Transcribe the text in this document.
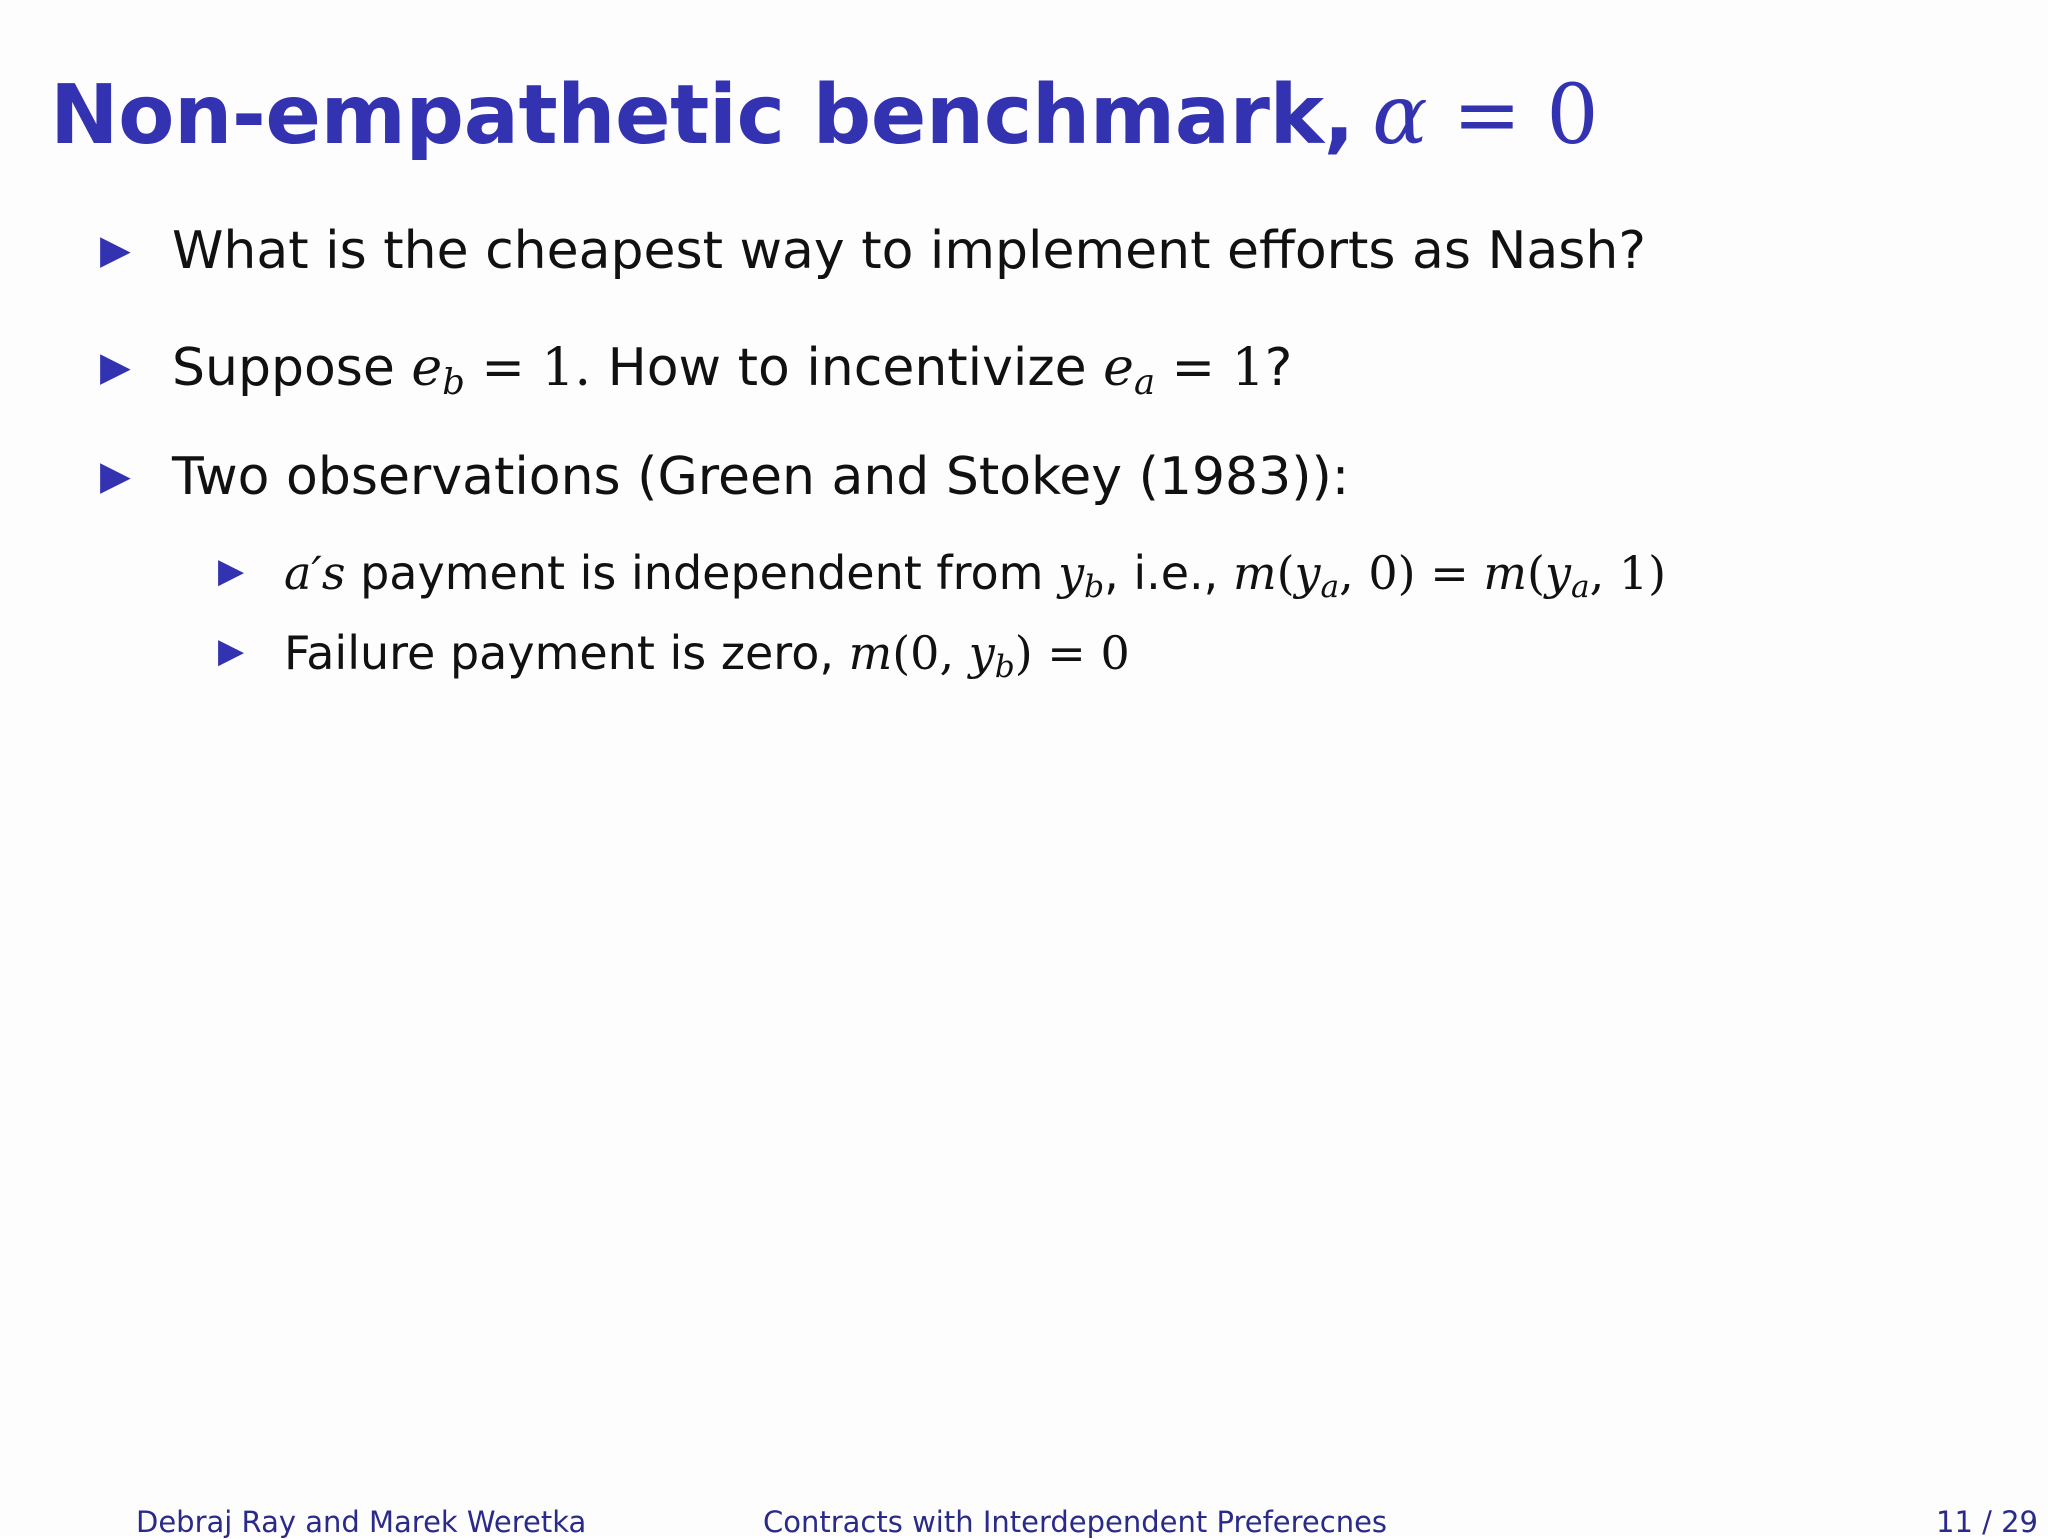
Non-empathetic benchmark, α = 0
▶ What is the cheapest way to implement efforts as Nash?
▶ Suppose $e_b = 1$. How to incentivize $e_a = 1$?
▶ Two observations (Green and Stokey (1983)):
▶ a′s payment is independent from $y_b$, i.e., $m(y_a$, $0) = m(y_a$, 1)
▶ Failure payment is zero, m(0, $y_b) = 0$
Debraj Ray and Marek Weretka	Contracts with Interdependent Preferecnes	11 / 29
